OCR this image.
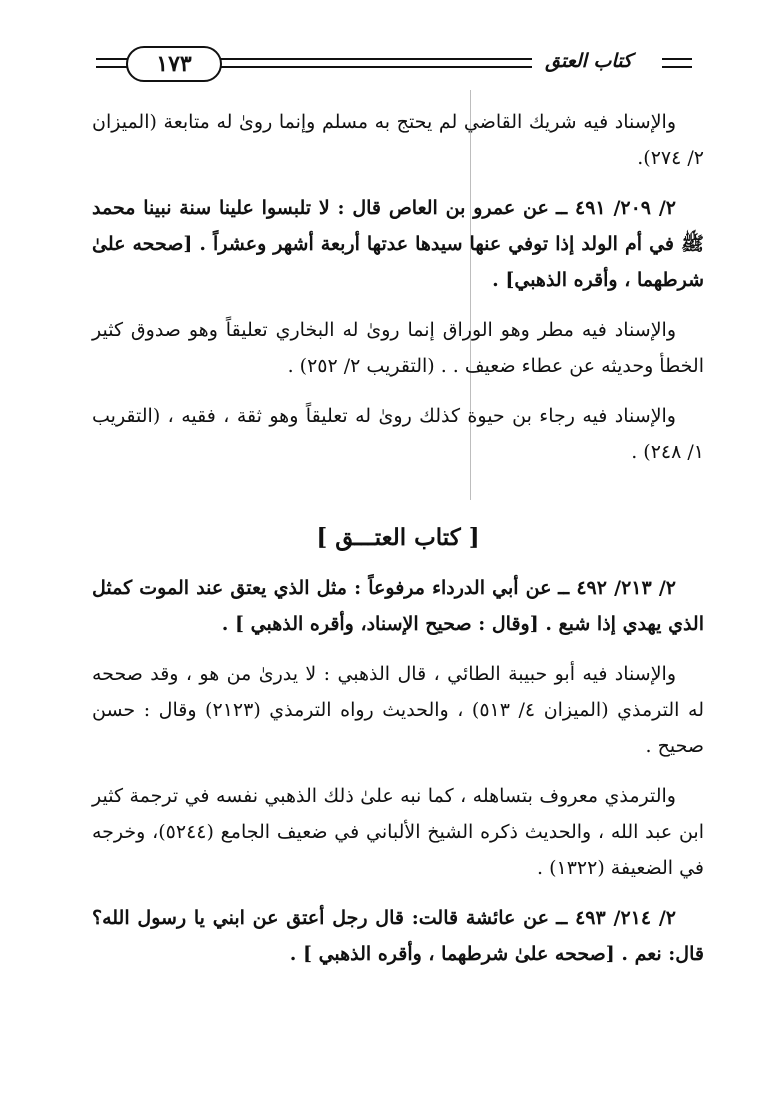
١٧٣	كتاب العتق

والإسناد فيه شريك القاضي لم يحتج به مسلم وإنما روىٰ له متابعة (الميزان ٢/ ٢٧٤).

٢/ ٢٠٩/ ٤٩١ ــ عن عمرو بن العاص قال : لا تلبسوا علينا سنة نبينا محمد ﷺ في أم الولد إذا توفي عنها سيدها عدتها أربعة أشهر وعشراً . [صححه علىٰ شرطهما ، وأقره الذهبي] .

والإسناد فيه مطر وهو الوراق إنما روىٰ له البخاري تعليقاً وهو صدوق كثير الخطأ وحديثه عن عطاء ضعيف . . (التقريب ٢/ ٢٥٢) .

والإسناد فيه رجاء بن حيوة كذلك روىٰ له تعليقاً وهو ثقة ، فقيه ، (التقريب ١/ ٢٤٨) .

[ كتاب العتـــق ]

٢/ ٢١٣/ ٤٩٢ ــ عن أبي الدرداء مرفوعاً : مثل الذي يعتق عند الموت كمثل الذي يهدي إذا شبع . [وقال : صحيح الإسناد، وأقره الذهبي ] .

والإسناد فيه أبو حبيبة الطائي ، قال الذهبي : لا يدرىٰ من هو ، وقد صححه له الترمذي (الميزان ٤/ ٥١٣) ، والحديث رواه الترمذي (٢١٢٣) وقال : حسن صحيح .

والترمذي معروف بتساهله ، كما نبه علىٰ ذلك الذهبي نفسه في ترجمة كثير ابن عبد الله ، والحديث ذكره الشيخ الألباني في ضعيف الجامع (٥٢٤٤)، وخرجه في الضعيفة (١٣٢٢) .

٢/ ٢١٤/ ٤٩٣ ــ عن عائشة قالت: قال رجل أعتق عن ابني يا رسول الله؟ قال: نعم . [صححه علىٰ شرطهما ، وأقره الذهبي ] .
